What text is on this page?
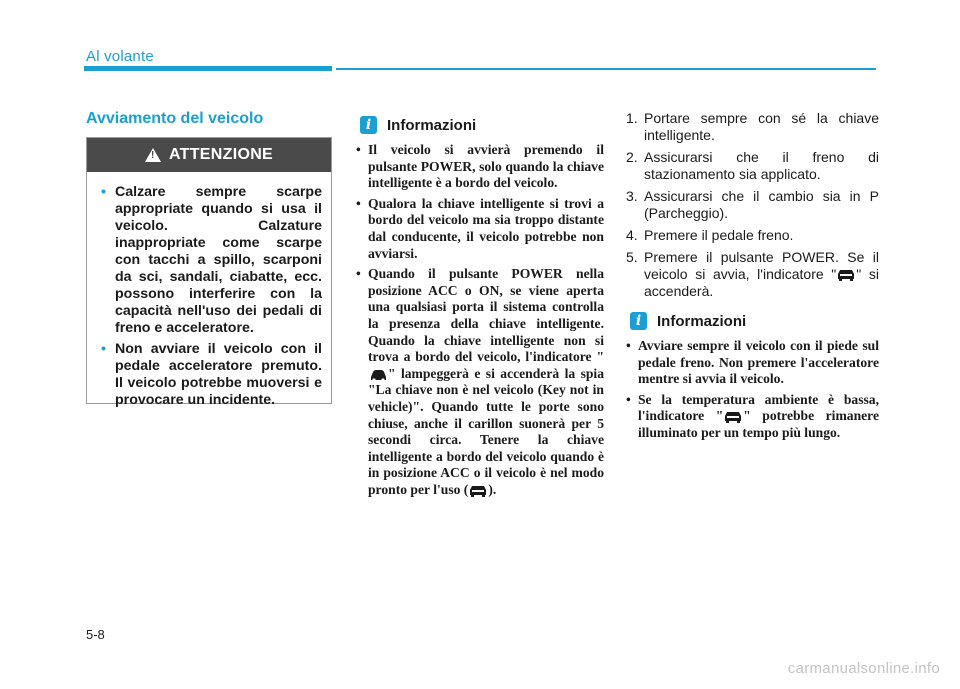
Al volante
Avviamento del veicolo
! ATTENZIONE
• Calzare sempre scarpe appropriate quando si usa il veicolo. Calzature inappropriate come scarpe con tacchi a spillo, scarponi da sci, sandali, ciabatte, ecc. possono interferire con la capacità nell'uso dei pedali di freno e acceleratore.
• Non avviare il veicolo con il pedale acceleratore premuto. Il veicolo potrebbe muoversi e provocare un incidente.
i	Informazioni
• Il veicolo si avvierà premendo il pulsante POWER, solo quando la chiave intelligente è a bordo del veicolo.
• Qualora la chiave intelligente si trovi a bordo del veicolo ma sia troppo distante dal conducente, il veicolo potrebbe non avviarsi.
• Quando il pulsante POWER nella posizione ACC o ON, se viene aperta una qualsiasi porta il sistema controlla la presenza della chiave intelligente. Quando la chiave intelligente non si trova a bordo del veicolo, l'indicatore "" lampeggerà e si accenderà la spia "La chiave non è nel veicolo (Key not in vehicle)". Quando tutte le porte sono chiuse, anche il carillon suonerà per 5 secondi circa. Tenere la chiave intelligente a bordo del veicolo quando è in posizione ACC o il veicolo è nel modo pronto per l'uso ( ).
1. Portare sempre con sé la chiave intelligente.
2. Assicurarsi che il freno di stazionamento sia applicato.
3. Assicurarsi che il cambio sia in P (Parcheggio).
4. Premere il pedale freno.
5. Premere il pulsante POWER. Se il veicolo si avvia, l'indicatore " " si accenderà.
i	Informazioni
• Avviare sempre il veicolo con il piede sul pedale freno. Non premere l'acceleratore mentre si avvia il veicolo.
• Se la temperatura ambiente è bassa, l'indicatore " " potrebbe rimanere illuminato per un tempo più lungo.
5-8
carmanualsonline.info
